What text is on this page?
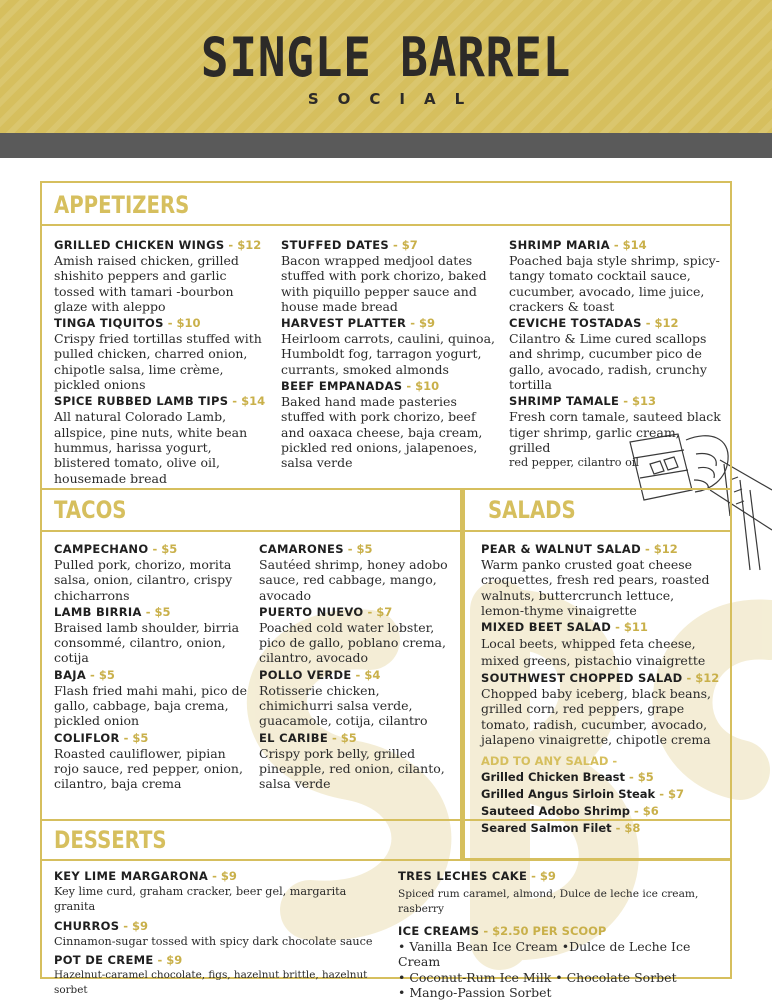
SINGLE BARREL
SOCIAL
APPETIZERS
TACOS	SALADS
DESSERTS
GRILLED CHICKEN WINGS - $12
Amish raised chicken, grilled shishito peppers and garlic tossed with tamari -bourbon glaze with aleppo
TINGA TIQUITOS - $10
Crispy fried tortillas stuffed with pulled chicken, charred onion, chipotle salsa, lime crème, pickled onions
SPICE RUBBED LAMB TIPS - $14
All natural Colorado Lamb, allspice, pine nuts, white bean hummus, harissa yogurt, blistered tomato, olive oil, housemade bread
STUFFED DATES - $7
Bacon wrapped medjool dates stuffed with pork chorizo, baked with piquillo pepper sauce and house made bread
HARVEST PLATTER - $9
Heirloom carrots, caulini, quinoa, Humboldt fog, tarragon yogurt, currants, smoked almonds
BEEF EMPANADAS - $10
Baked hand made pasteries stuffed with pork chorizo, beef and oaxaca cheese, baja cream, pickled red onions, jalapenoes, salsa verde
SHRIMP MARIA - $14
Poached baja style shrimp, spicy-tangy tomato cocktail sauce, cucumber, avocado, lime juice, crackers & toast
CEVICHE TOSTADAS - $12
Cilantro & Lime cured scallops and shrimp, cucumber pico de gallo, avocado, radish, crunchy tortilla
SHRIMP TAMALE - $13
Fresh corn tamale, sauteed black tiger shrimp, garlic cream, grilled
red pepper, cilantro oil
CAMPECHANO - $5
Pulled pork, chorizo, morita salsa, onion, cilantro, crispy chicharrons
LAMB BIRRIA - $5
Braised lamb shoulder, birria consommé, cilantro, onion, cotija
BAJA - $5
Flash fried mahi mahi, pico de gallo, cabbage, baja crema, pickled onion
COLIFLOR - $5
Roasted cauliflower, pipian rojo sauce, red pepper, onion, cilantro, baja crema
CAMARONES - $5
Sautéed shrimp, honey adobo sauce, red cabbage, mango, avocado
PUERTO NUEVO - $7
Poached cold water lobster, pico de gallo, poblano crema, cilantro, avocado
POLLO VERDE - $4
Rotisserie chicken, chimichurri salsa verde, guacamole, cotija, cilantro
EL CARIBE - $5
Crispy pork belly, grilled pineapple, red onion, cilanto, salsa verde
PEAR & WALNUT SALAD - $12
Warm panko crusted goat cheese croquettes, fresh red pears, roasted walnuts, buttercrunch lettuce, lemon-thyme vinaigrette
MIXED BEET SALAD - $11
Local beets, whipped feta cheese, mixed greens, pistachio vinaigrette
SOUTHWEST CHOPPED SALAD - $12
Chopped baby iceberg, black beans, grilled corn, red peppers, grape tomato, radish, cucumber, avocado, jalapeno vinaigrette, chipotle crema
ADD TO ANY SALAD -
Grilled Chicken Breast - $5
Grilled Angus Sirloin Steak - $7
Sauteed Adobo Shrimp - $6
Seared Salmon Filet - $8
KEY LIME MARGARONA - $9
Key lime curd, graham cracker, beer gel, margarita granita
CHURROS - $9
Cinnamon-sugar tossed with spicy dark chocolate sauce
POT DE CREME - $9
Hazelnut-caramel chocolate, figs, hazelnut brittle, hazelnut sorbet
TRES LECHES CAKE - $9
Spiced rum caramel, almond, Dulce de leche ice cream, rasberry
ICE CREAMS - $2.50 PER SCOOP
• Vanilla Bean Ice Cream •Dulce de Leche Ice Cream
• Coconut-Rum Ice Milk • Chocolate Sorbet
• Mango-Passion Sorbet
